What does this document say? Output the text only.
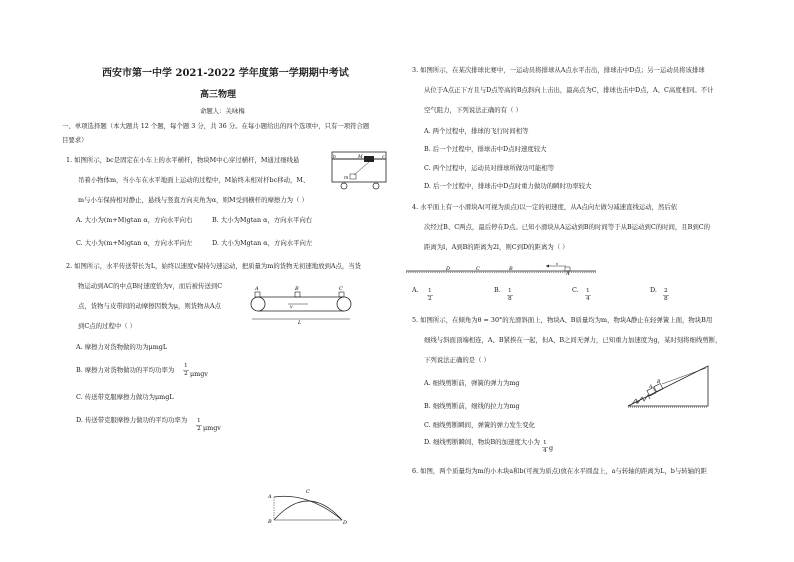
西安市第一中学 2021-2022 学年度第一学期期中考试
高三物理
命题人：关咏梅
一、单项选择题（本大题共 12 个题，每个题 3 分，共 36 分。在每小题给出的四个选项中，只有一项符合题
目要求）
1. 如图所示，bc是固定在小车上的水平横杆，物块M中心穿过横杆，M通过细线悬
吊着小物体m，当小车在水平地面上运动的过程中，M始终未相对杆bc移动，M、
m与小车保持相对静止，悬线与竖直方向夹角为α，则M受到横杆的摩擦力为（ ）
A. 大小为(m+M)gtan α，方向水平向右	B. 大小为Mgtan α，方向水平向右
C. 大小为(m+M)gtan α，方向水平向左	D. 大小为Mgtan α，方向水平向左
M
m
b	c
2. 如图所示，水平传送带长为L，始终以速度v保持匀速运动，把质量为m的货物无初速地放到A点，当货
物运动到AC的中点B时速度恰为v，而后被传送到C
点，货物与皮带间的动摩擦因数为μ，则货物从A点
到C点的过程中（ ）
A. 摩擦力对货物做的功为μmgL
B. 摩擦力对货物做功的平均功率为 1
2 μmgv
C. 传送带克服摩擦力做功为μmgL
D. 传送带克服摩擦力做功的平均功率为 1
2 μmgv
A	B	C
v
L
A
B
C
D
3. 如图所示，在某次排球比赛中，一运动员将排球从A点水平击出，排球击中D点；另一运动员将该排球
从位于A点正下方且与D点等高的B点斜向上击出，最高点为C，排球也击中D点，A、C高度相同。不计
空气阻力，下列说法正确的有（ ）
A. 两个过程中，排球的飞行时间相等
B. 后一个过程中，排球击中D点时速度较大
C. 两个过程中，运动员对排球所做功可能相等
D. 后一个过程中，排球击中D点时重力做功的瞬时功率较大
4. 水平面上有一小滑块A(可视为质点)以一定的初速度，从A点向左做匀减速直线运动，然后依
次经过B、C两点，最后停在D点。已知小滑块从A运动到B的时间等于从B运动到C的时间，且B到C的
距离为l，A到B的距离为2l，则C到D的距离为（ ）
D	C	B
A
v
A. 1
2
B. 1
8
C. 1
4
D. 2
8
5. 如图所示，在倾角为θ = 30°的光滑斜面上，物块A、B质量均为m，物块A静止在轻弹簧上面，物块B用
细线与斜面顶端相连，A、B紧挨在一起，但A、B之间无弹力，已知重力加速度为g，某时刻将细线剪断，
下列说法正确的是（ ）
A. 细线剪断前，弹簧的弹力为mg
B. 细线剪断前，细线的拉力为mg
C. 细线剪断瞬间，弹簧的弹力发生变化
D. 细线剪断瞬间，物块B的加速度大小为 1
4 g
A
B
θ
6. 如图，两个质量均为m的小木块a和b(可视为质点)放在水平圆盘上，a与转轴的距离为L，b与转轴的距
